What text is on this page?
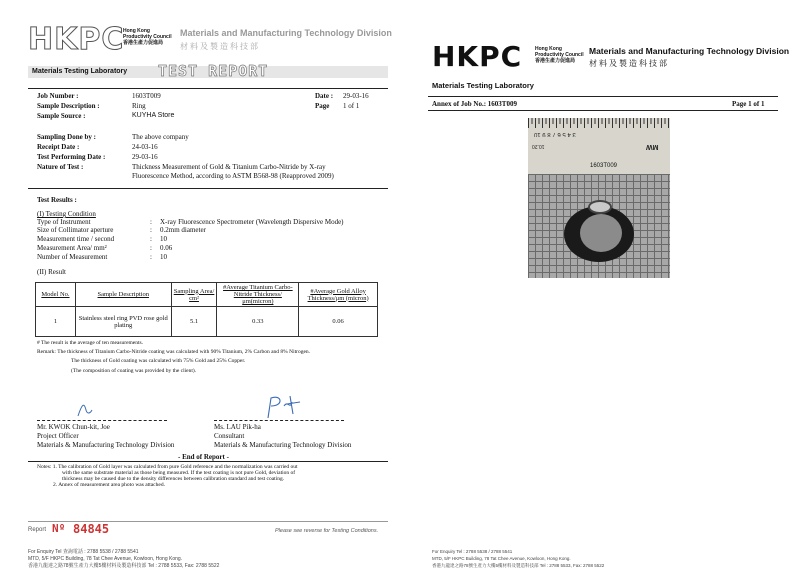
HKPC
Hong Kong Productivity Council
香港生產力促進局
Materials and Manufacturing Technology Division
材料及製造科技部
Materials Testing Laboratory TEST REPORT
Job Number :	1603T009	Date : 29-03-16
Sample Description :	Ring	Page 1 of 1
Sample Source :	KUYHA Store
Sampling Done by :	The above company
Receipt Date :	24-03-16
Test Performing Date :	29-03-16
Nature of Test :	Thickness Measurement of Gold & Titanium Carbo-Nitride by X-ray
Fluorescence Method, according to ASTM B568-98 (Reapproved 2009)
Test Results :
(I) Testing Condition
Type of Instrument	: X-ray Fluorescence Spectrometer (Wavelength Dispersive Mode)
Size of Collimator aperture	: 0.2mm diameter
Measurement time / second	: 10
Measurement Area/ mm²	: 0.06
Number of Measurement	: 10
(II) Result
Model No.	Sample Description	Sampling Area/ cm²	#Average Titanium Carbo-Nitride Thickness/ μm(micron)	#Average Gold Alloy Thickness/μm (micron)
1	Stainless steel ring PVD rose gold plating	5.1	0.33	0.06
# The result is the average of ten measurements.
Remark: The thickness of Titanium Carbo-Nitride coating was calculated with 90% Titanium, 2% Carbon and 8% Nitrogen.
The thickness of Gold coating was calculated with 75% Gold and 25% Copper.
(The composition of coating was provided by the client).
Mr. KWOK Chun-kit, Joe
Project Officer
Materials & Manufacturing Technology Division
Ms. LAU Pik-ha
Consultant
Materials & Manufacturing Technology Division
- End of Report -
Notes: 1. The calibration of Gold layer was calculated from pure Gold reference and the normalization was carried out
with the same substrate material as those being measured. If the test coating is not pure Gold, deviation of
thickness may be caused due to the density differences between calibration standard and test coating.
2. Annex of measurement area photo was attached.
Report Nº 84845	Please see reverse for Testing Conditions.
For Enquiry Tel 查詢電話 : 2788 5538 / 2788 5541
MTD, 5/F HKPC Building, 78 Tat Chee Avenue, Kowloon, Hong Kong.
香港九龍達之路78號生產力大樓5樓材料及製造科技部 Tel : 2788 5533, Fax: 2788 5522
HKPC	Hong Kong Productivity Council
香港生產力促進局
Materials and Manufacturing Technology Division
材料及製造科技部
Materials Testing Laboratory
Annex of Job No.: 1603T009	Page 1 of 1
For Enquiry Tel : 2788 5538 / 2788 5541
MTD, 5/F HKPC Building, 78 Tat Chee Avenue, Kowloon, Hong Kong.
香港九龍達之路78號生產力大樓5樓材料及製造科技部 Tel : 2788 5533, Fax: 2788 5522
3 4 5 6 7 8 9 10
10.20	MW
1603T009
